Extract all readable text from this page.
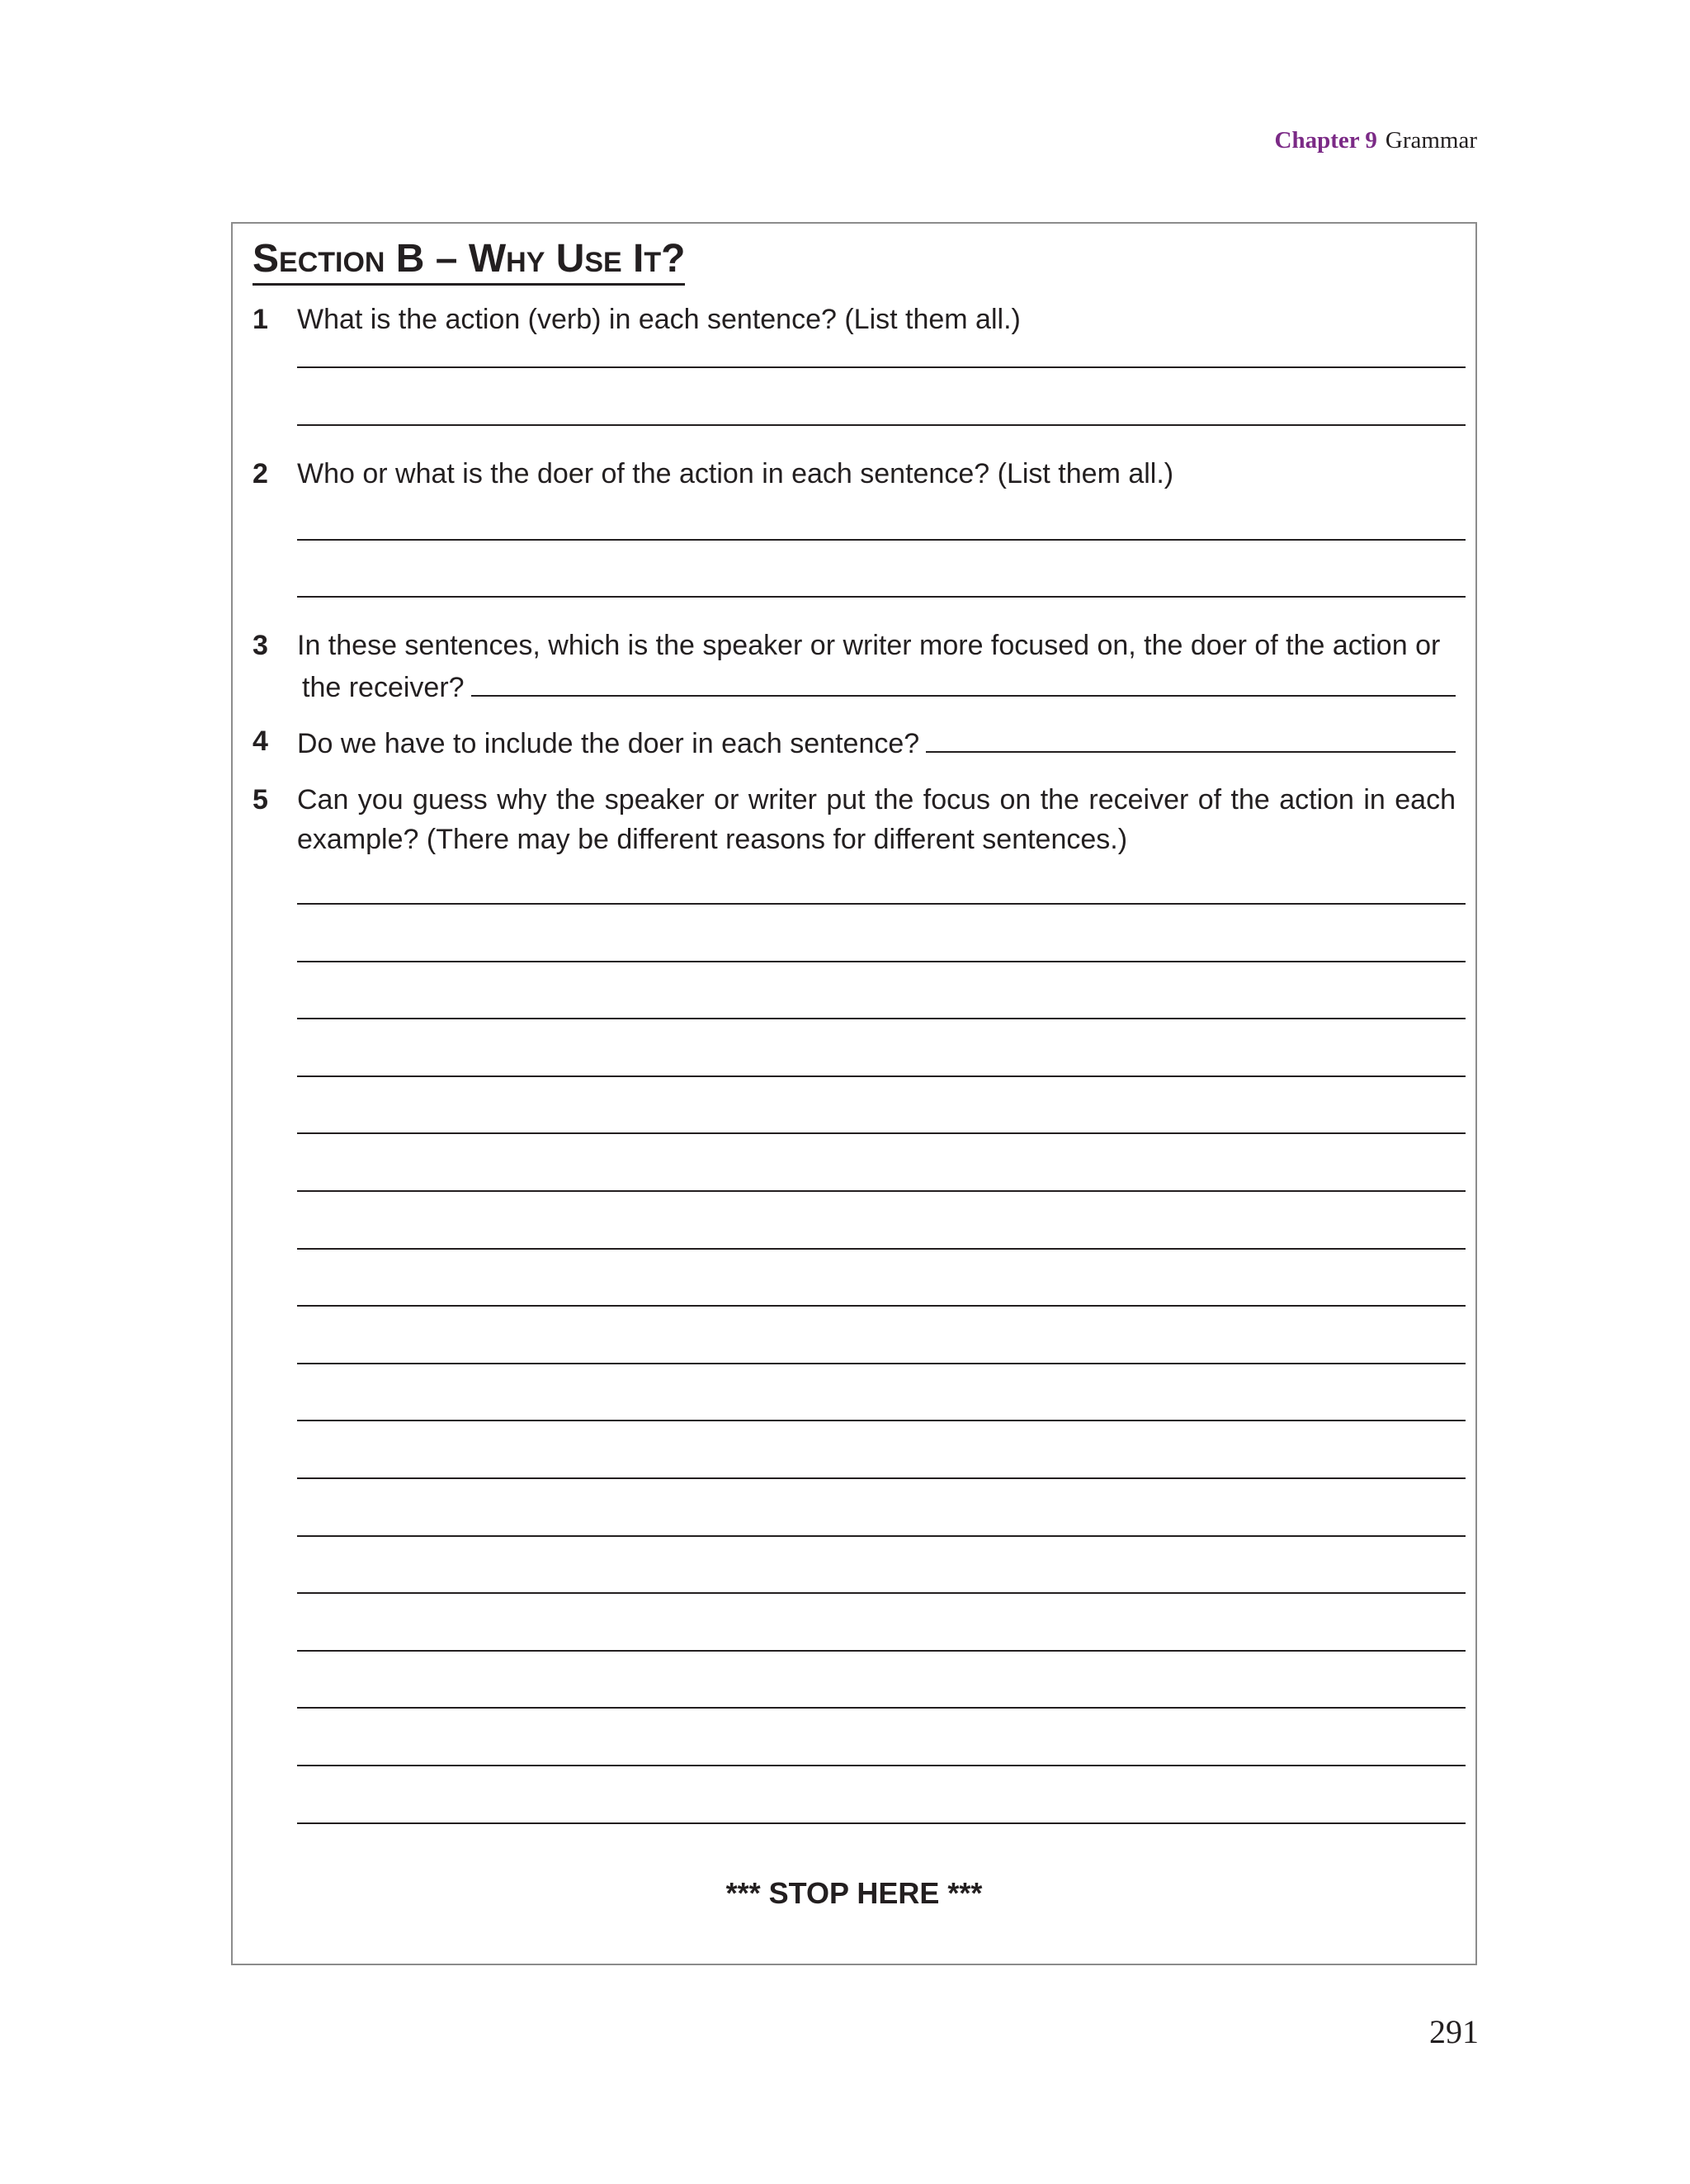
Chapter 9 Grammar
Section B – Why Use It?
1 What is the action (verb) in each sentence? (List them all.)
2 Who or what is the doer of the action in each sentence? (List them all.)
3 In these sentences, which is the speaker or writer more focused on, the doer of the action or
the receiver?
4 Do we have to include the doer in each sentence?
5 Can you guess why the speaker or writer put the focus on the receiver of the action in each example? (There may be different reasons for different sentences.)
*** STOP HERE ***
291
